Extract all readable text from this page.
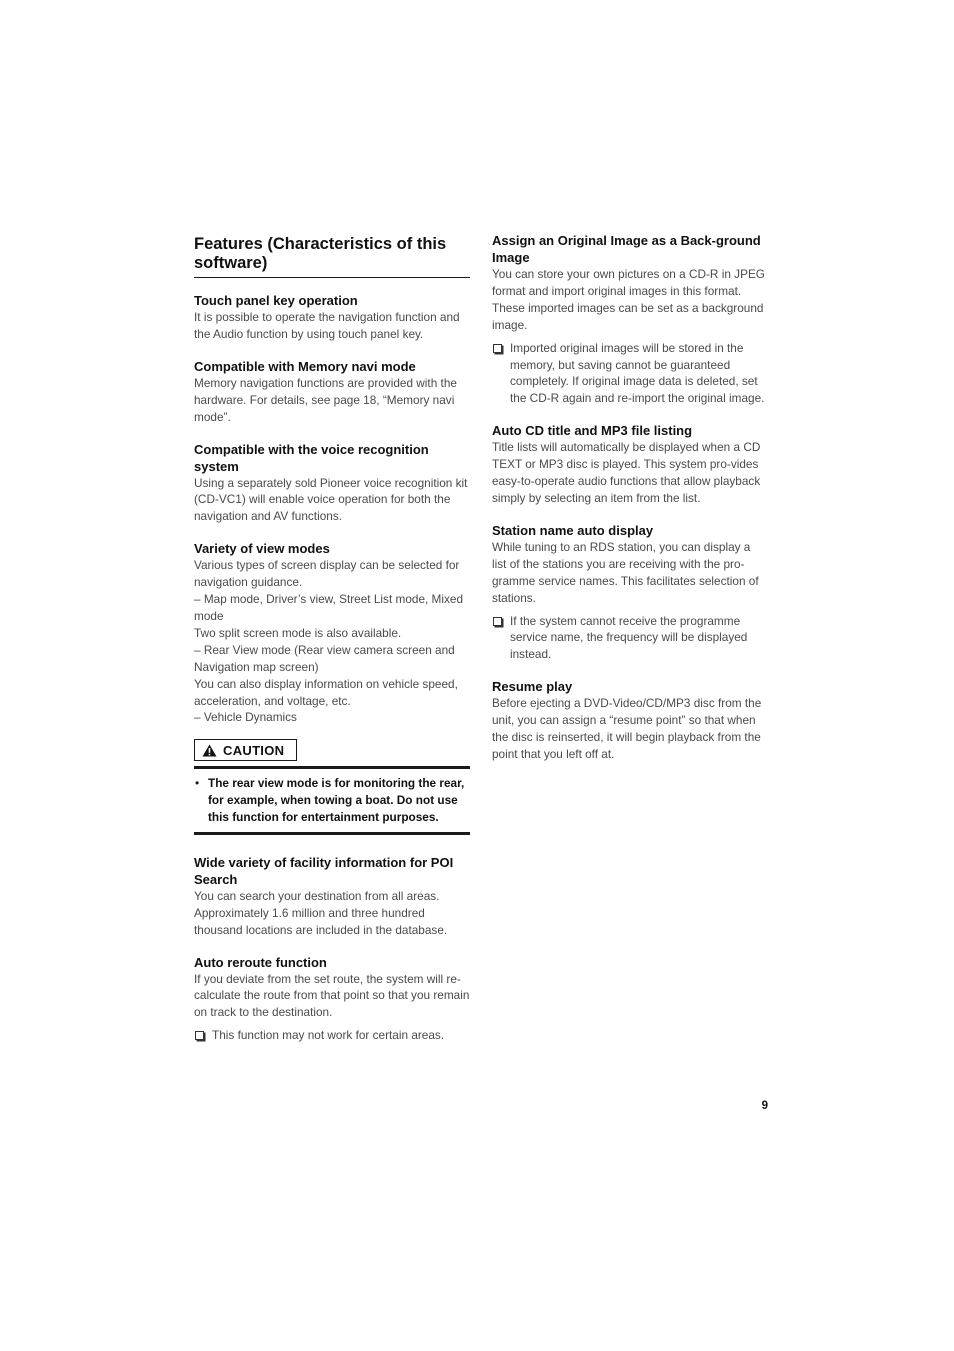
Features (Characteristics of this software)
Touch panel key operation

It is possible to operate the navigation function and the Audio function by using touch panel key.

Compatible with Memory navi mode

Memory navigation functions are provided with the hardware. For details, see page 18, “Memory navi mode”.

Compatible with the voice recognition system

Using a separately sold Pioneer voice recognition kit (CD-VC1) will enable voice operation for both the navigation and AV functions.

Variety of view modes

Various types of screen display can be selected for navigation guidance.

– Map mode, Driver’s view, Street List mode, Mixed mode

Two split screen mode is also available.

– Rear View mode (Rear view camera screen and Navigation map screen)

You can also display information on vehicle speed, acceleration, and voltage, etc.

– Vehicle Dynamics

CAUTION
• The rear view mode is for monitoring the rear, for example, when towing a boat. Do not use this function for entertainment purposes.

Wide variety of facility information for POI Search

You can search your destination from all areas. Approximately 1.6 million and three hundred thousand locations are included in the database.

Auto reroute function

If you deviate from the set route, the system will re-calculate the route from that point so that you remain on track to the destination.

This function may not work for certain areas.

Assign an Original Image as a Back-ground Image

You can store your own pictures on a CD-R in JPEG format and import original images in this format. These imported images can be set as a background image.

Imported original images will be stored in the memory, but saving cannot be guaranteed completely. If original image data is deleted, set the CD-R again and re-import the original image.

Auto CD title and MP3 file listing

Title lists will automatically be displayed when a CD TEXT or MP3 disc is played. This system pro-vides easy-to-operate audio functions that allow playback simply by selecting an item from the list.

Station name auto display

While tuning to an RDS station, you can display a list of the stations you are receiving with the pro-gramme service names. This facilitates selection of stations.

If the system cannot receive the programme service name, the frequency will be displayed instead.

Resume play

Before ejecting a DVD-Video/CD/MP3 disc from the unit, you can assign a “resume point” so that when the disc is reinserted, it will begin playback from the point that you left off at.

9
